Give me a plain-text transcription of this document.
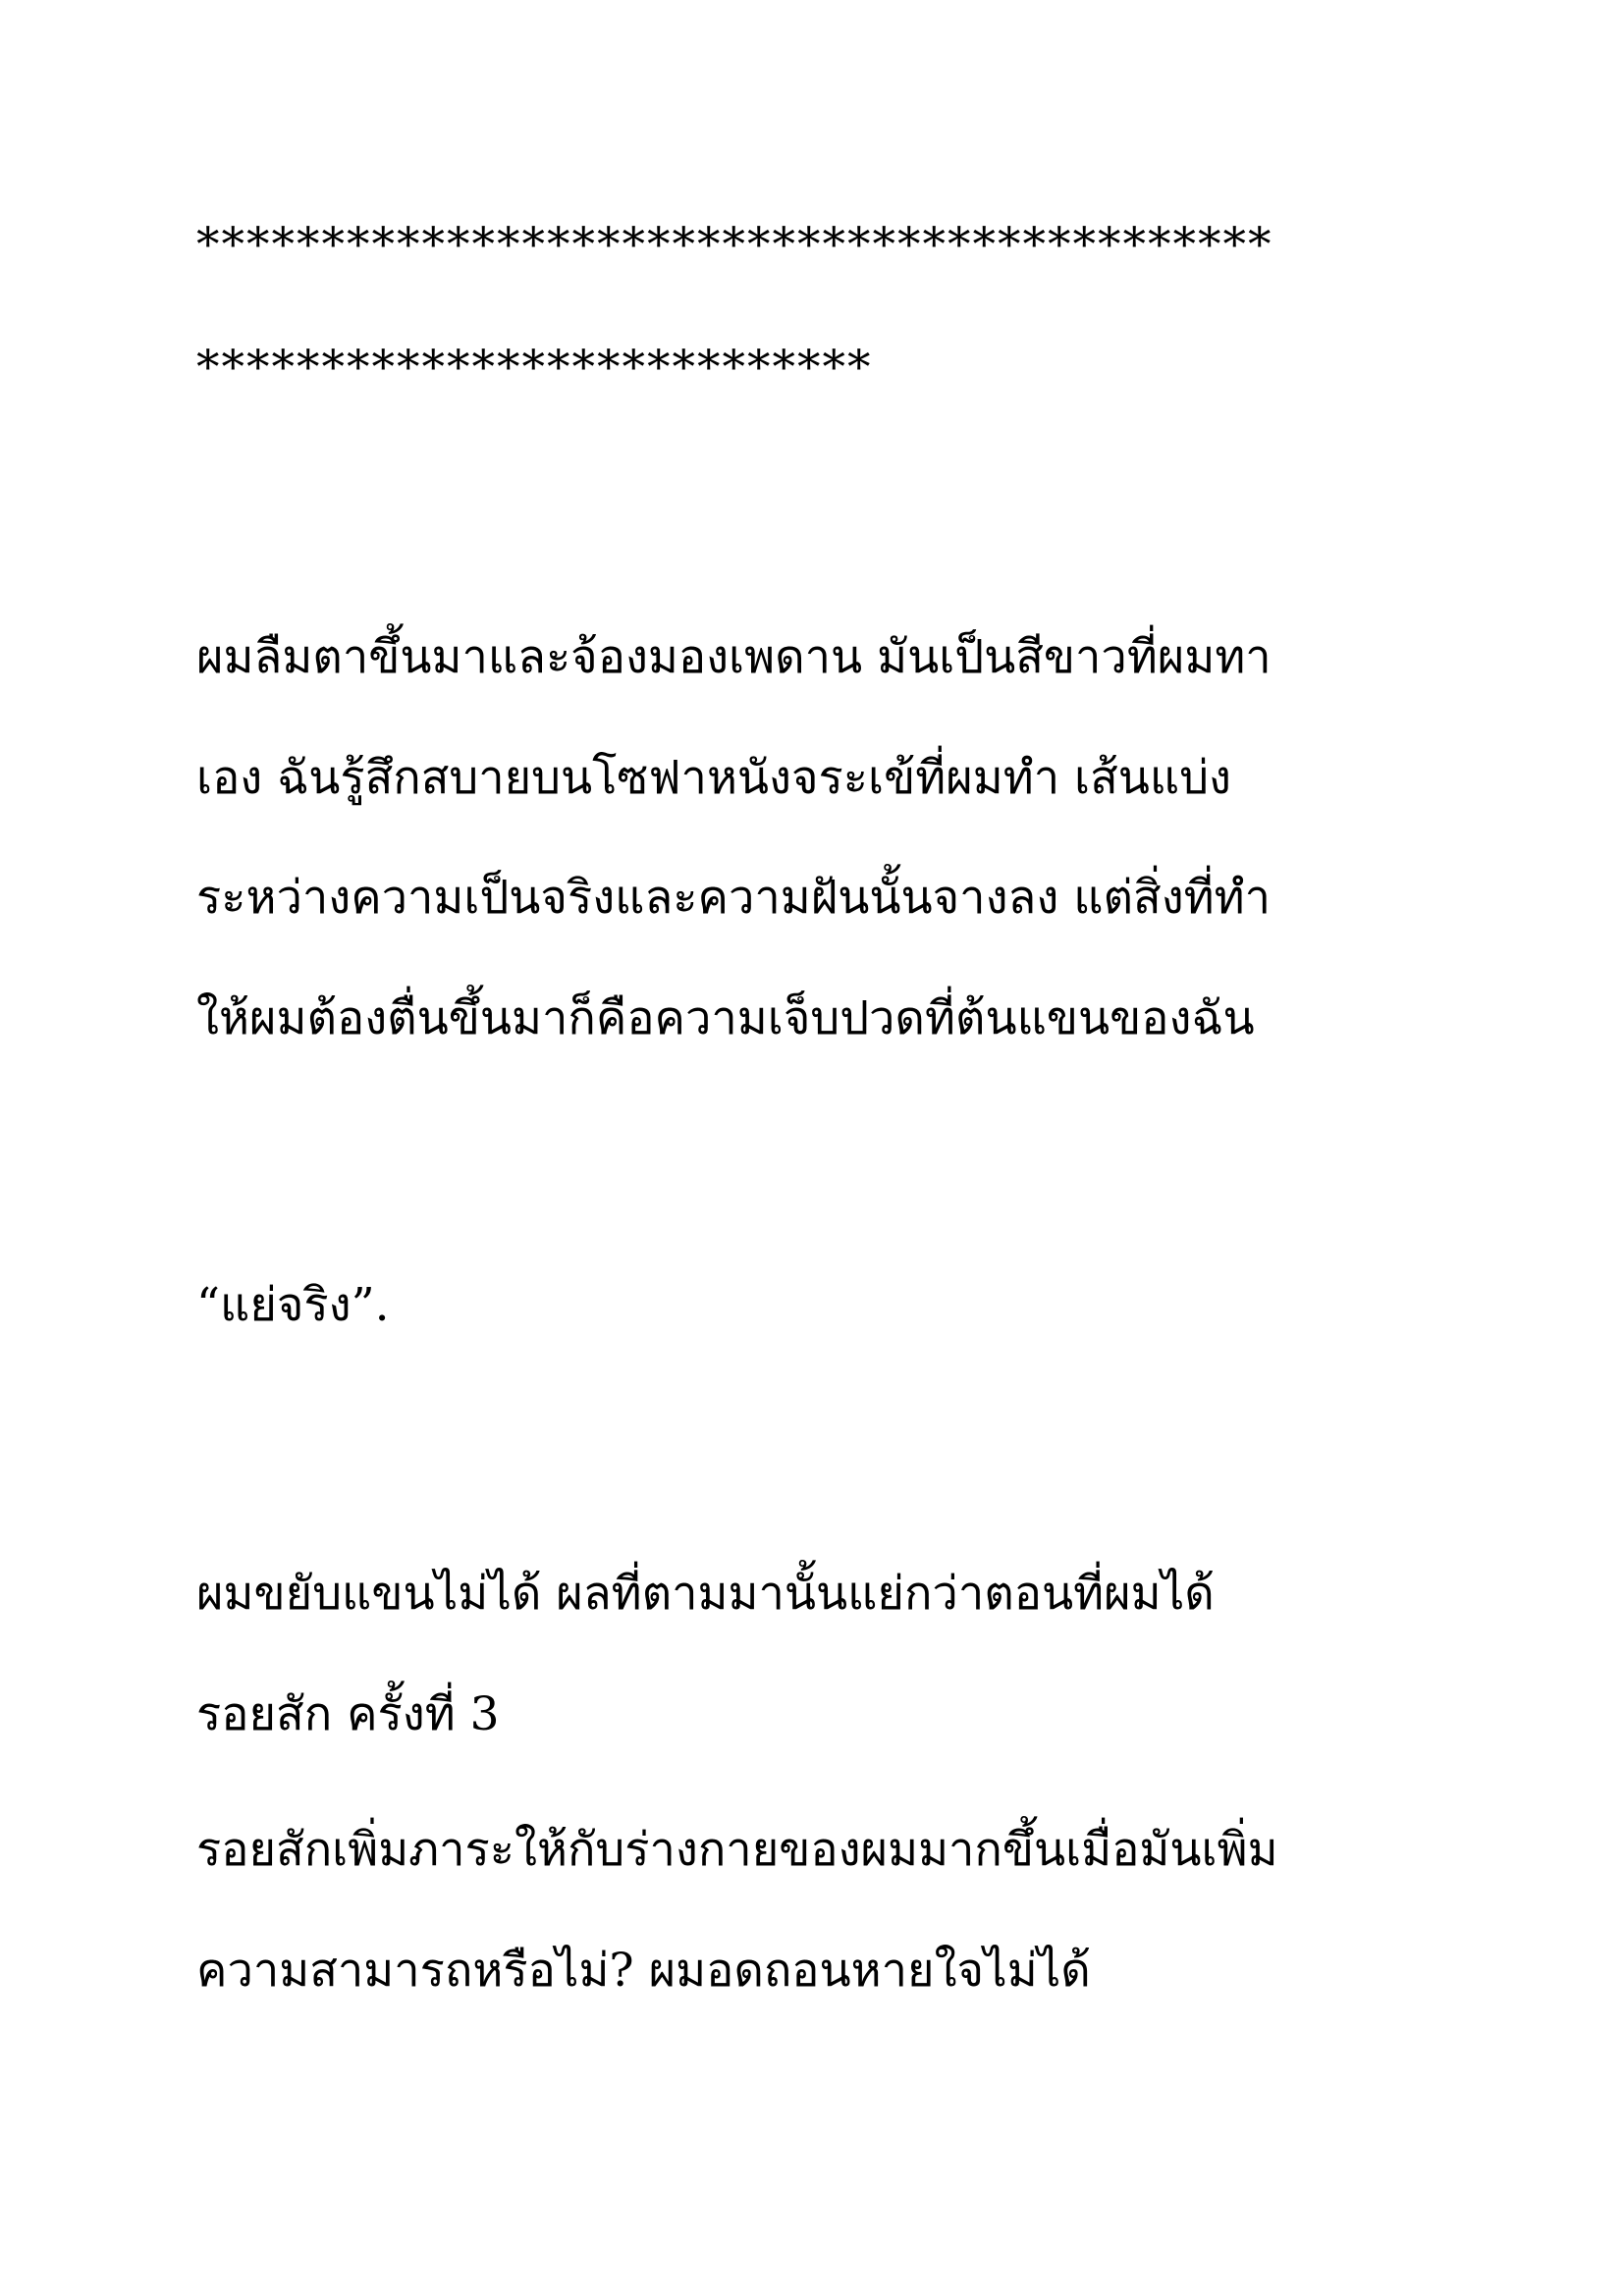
*******************************************

***************************

ผมลืมตาขึ้นมาและจ้องมองเพดาน มันเป็นสีขาวที่ผมทา

เอง ฉันรู้สึกสบายบนโซฟาหนังจระเข้ที่ผมทำ เส้นแบ่ง

ระหว่างความเป็นจริงและความฝันนั้นจางลง แต่สิ่งที่ทำ

ให้ผมต้องตื่นขึ้นมาก็คือความเจ็บปวดที่ต้นแขนของฉัน

“แย่จริง”.

ผมขยับแขนไม่ได้ ผลที่ตามมานั้นแย่กว่าตอนที่ผมได้

รอยสัก ครั้งที่ 3

รอยสักเพิ่มภาระให้กับร่างกายของผมมากขึ้นเมื่อมันเพิ่ม

ความสามารถหรือไม่? ผมอดถอนหายใจไม่ได้
